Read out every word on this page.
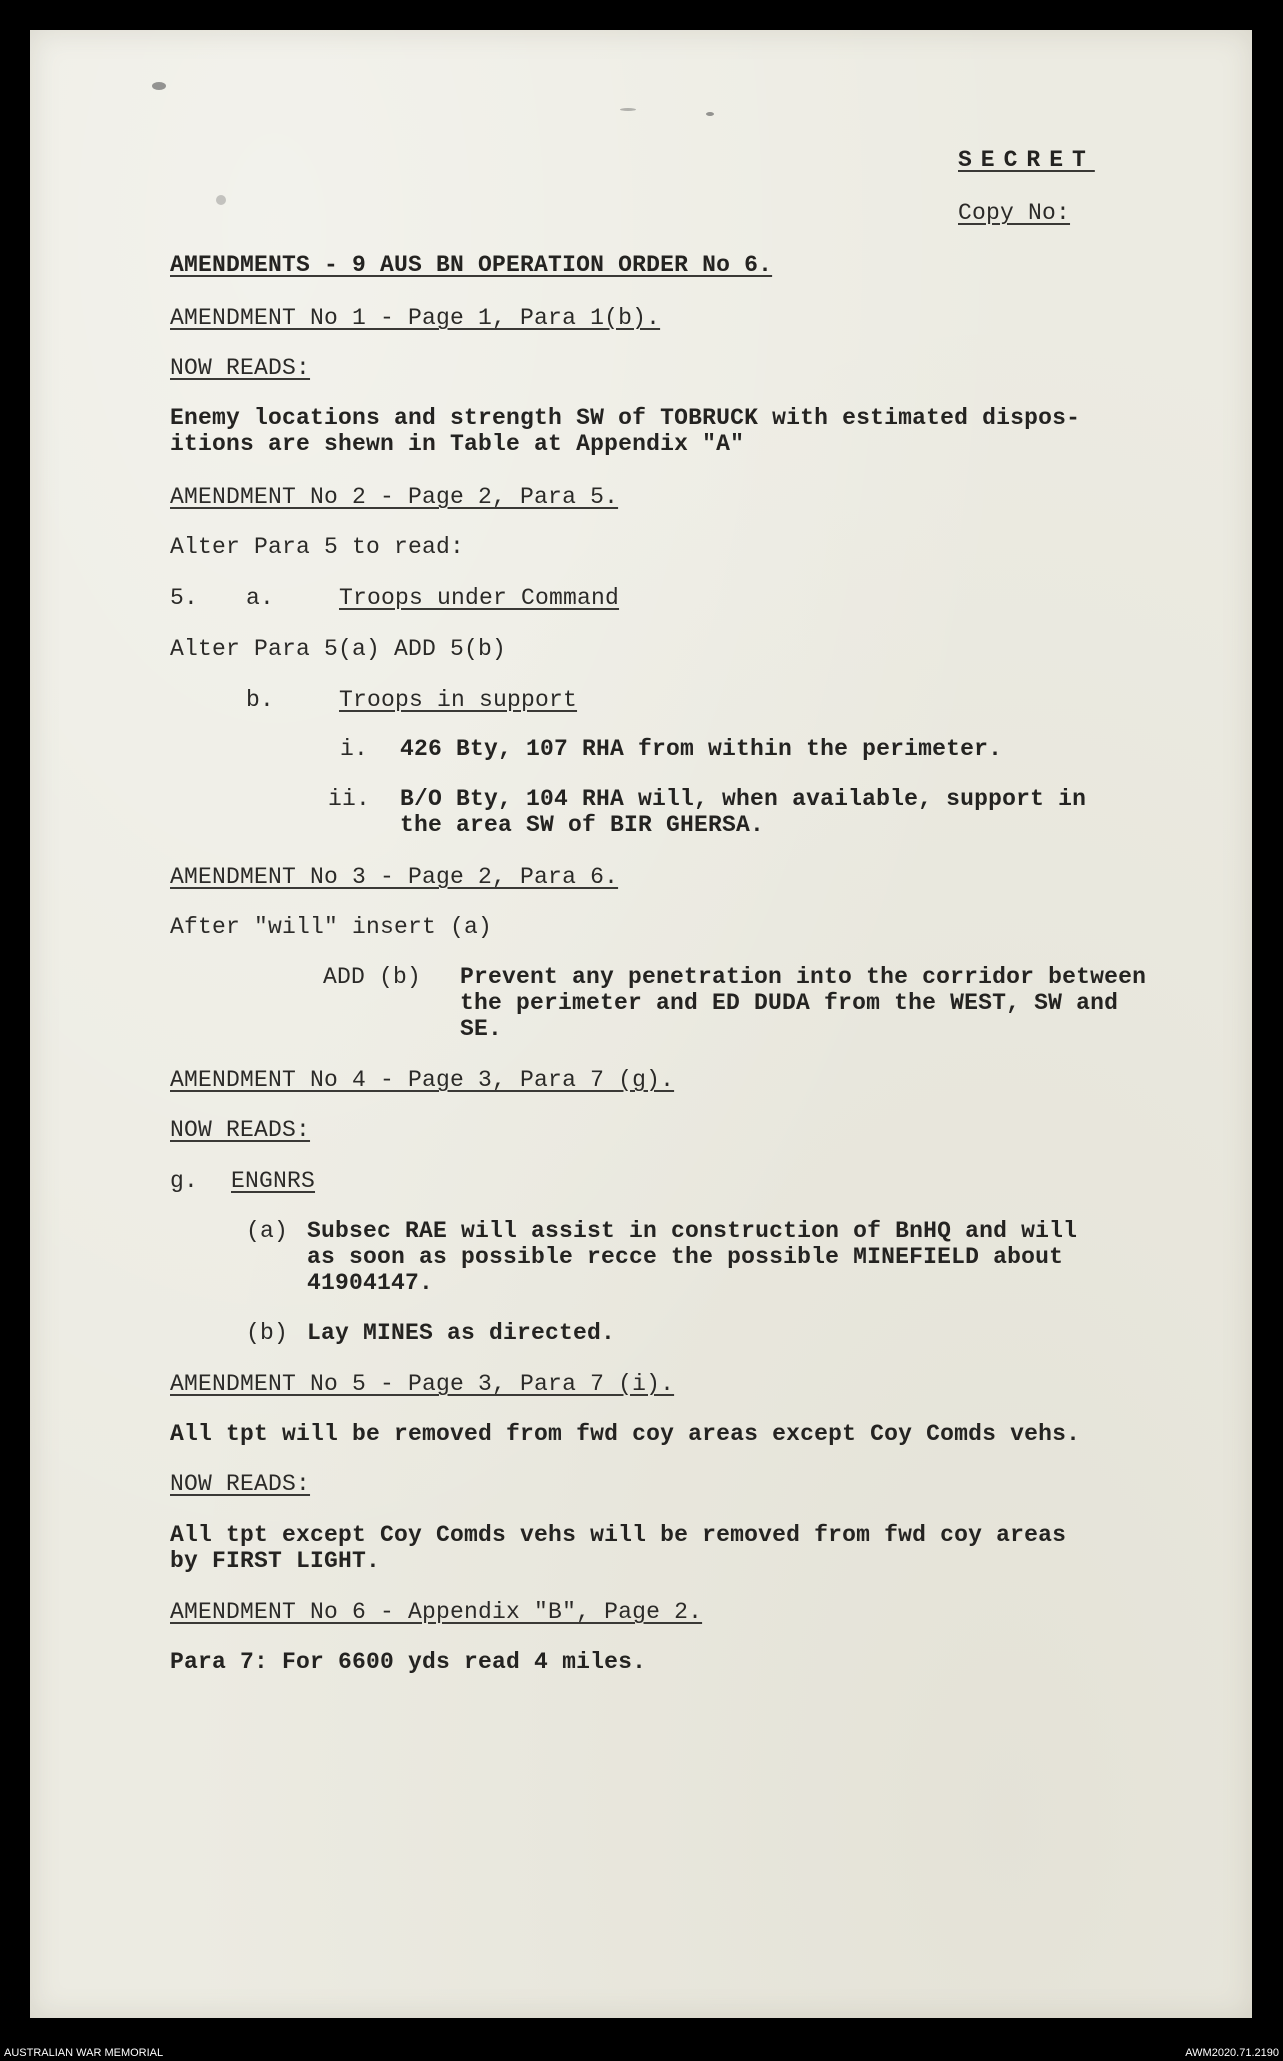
SECRET
Copy No:
AMENDMENTS - 9 AUS BN OPERATION ORDER No 6.
AMENDMENT No 1 - Page 1, Para 1(b).
NOW READS:
Enemy locations and strength SW of TOBRUCK with estimated dispos-
itions are shewn in Table at Appendix "A"
AMENDMENT No 2 - Page 2, Para 5.
Alter Para 5 to read:
5. a.	Troops under Command
Alter Para 5(a) ADD 5(b)
b.	Troops in support
i. 426 Bty, 107 RHA from within the perimeter.
ii. B/O Bty, 104 RHA will, when available, support in
the area SW of BIR GHERSA.
AMENDMENT No 3 - Page 2, Para 6.
After "will" insert (a)
ADD (b) Prevent any penetration into the corridor between
the perimeter and ED DUDA from the WEST, SW and
SE.
AMENDMENT No 4 - Page 3, Para 7 (g).
NOW READS:
g. ENGNRS
(a) Subsec RAE will assist in construction of BnHQ and will
as soon as possible recce the possible MINEFIELD about
41904147.
(b) Lay MINES as directed.
AMENDMENT No 5 - Page 3, Para 7 (i).
All tpt will be removed from fwd coy areas except Coy Comds vehs.
NOW READS:
All tpt except Coy Comds vehs will be removed from fwd coy areas
by FIRST LIGHT.
AMENDMENT No 6 - Appendix "B", Page 2.
Para 7: For 6600 yds read 4 miles.
AUSTRALIAN WAR MEMORIAL	AWM2020.71.2190
